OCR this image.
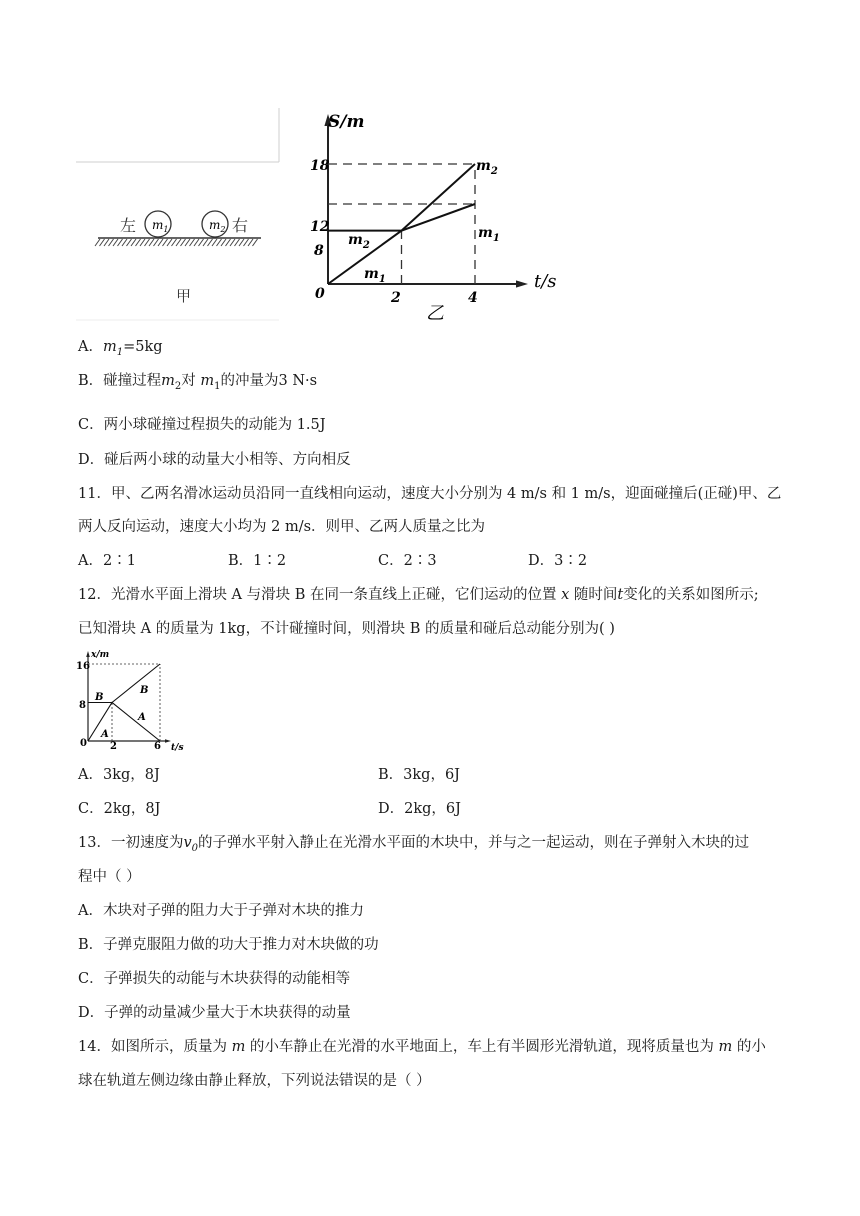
$m_1$	$m_2$
左	右
甲
S/m
t/s
18
12
8
0	2	4
$m_2$
$m_1$
$m_2$
$m_1$
乙
A．$m_1=5kg$
B．碰撞过程$m_2$对 $m_1$的冲量为3 N·s
C．两小球碰撞过程损失的动能为 1.5J
D．碰后两小球的动量大小相等、方向相反
11．甲、乙两名滑冰运动员沿同一直线相向运动，速度大小分别为 4 m/s 和 1 m/s，迎面碰撞后(正碰)甲、乙
两人反向运动，速度大小均为 2 m/s．则甲、乙两人质量之比为
A．2∶1	B．1∶2	C．2∶3	D．3∶2
12．光滑水平面上滑块 A 与滑块 B 在同一条直线上正碰，它们运动的位置 x 随时间t变化的关系如图所示;
已知滑块 A 的质量为 1kg，不计碰撞时间，则滑块 B 的质量和碰后总动能分别为( )
x/m
t/s
16
8
0 2	6
B
B
A
A
A．3kg，8J	B．3kg，6J
C．2kg，8J	D．2kg，6J
13．一初速度为$v_0$的子弹水平射入静止在光滑水平面的木块中，并与之一起运动，则在子弹射入木块的过
程中（ ）
A．木块对子弹的阻力大于子弹对木块的推力
B．子弹克服阻力做的功大于推力对木块做的功
C．子弹损失的动能与木块获得的动能相等
D．子弹的动量减少量大于木块获得的动量
14．如图所示，质量为 m 的小车静止在光滑的水平地面上，车上有半圆形光滑轨道，现将质量也为 m 的小
球在轨道左侧边缘由静止释放，下列说法错误的是（ ）
